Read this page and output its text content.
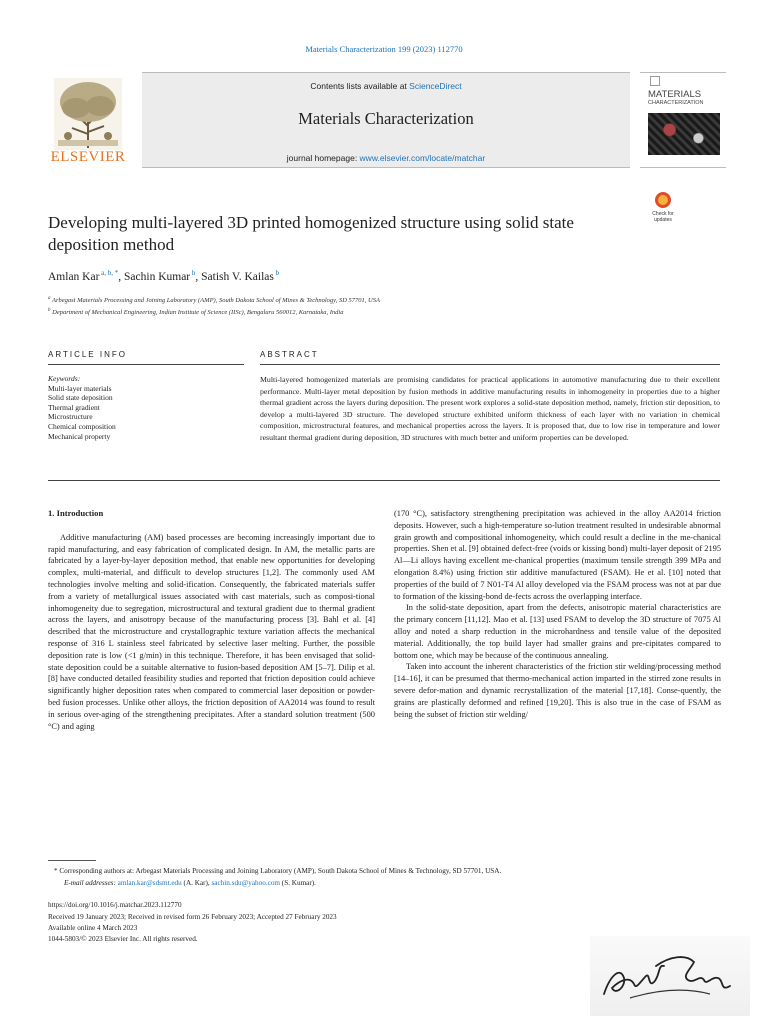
Materials Characterization 199 (2023) 112770
ELSEVIER
Contents lists available at ScienceDirect
Materials Characterization
journal homepage: www.elsevier.com/locate/matchar
MATERIALS
CHARACTERIZATION
Check for updates
Developing multi-layered 3D printed homogenized structure using solid state deposition method
Amlan Kar $^{a, b, *}$, Sachin Kumar $^b$, Satish V. Kailas $^b$
$^a$ Arbegast Materials Processing and Joining Laboratory (AMP), South Dakota School of Mines & Technology, SD 57701, USA
$^b$ Department of Mechanical Engineering, Indian Institute of Science (IISc), Bengaluru 560012, Karnataka, India
ARTICLE INFO	ABSTRACT
Keywords:
Multi-layer materials
Solid state deposition
Thermal gradient
Microstructure
Chemical composition
Mechanical property
Multi-layered homogenized materials are promising candidates for practical applications in automotive manufacturing due to their excellent performance. Multi-layer metal deposition by fusion methods in additive manufacturing results in inhomogeneity in properties due to a higher thermal gradient across the layers during deposition. The present work explores a solid-state deposition method, namely, friction stir deposition, to develop a multi-layered 3D structure. The developed structure exhibited uniform thickness of each layer with no variation in chemical composition, microstructural features, and mechanical properties across the layers. It is proposed that, due to low rise in temperature and lower resultant thermal gradient during deposition, 3D structures with much better and uniform properties can be developed.

1. Introduction

Additive manufacturing (AM) based processes are becoming increasingly important due to rapid manufacturing, and easy fabrication of complicated design. In AM, the metallic parts are fabricated by a layer-by-layer deposition method, that enable new opportunities for developing complex, multi-material, and difficult to develop structures [1,2]. The commonly used AM technologies involve melting and solid-ification. Consequently, the fabricated materials suffer from a variety of metallurgical issues associated with cast materials, such as composi-tional inhomogeneity due to segregation, microstructural and textural gradient due to thermal gradient across the layers, and anisotropy because of the manufacturing process [3]. Bahl et al. [4] described that the microstructure and crystallographic texture variation affects the mechanical response of 316 L stainless steel fabricated by selective laser melting. Further, the possible deposition rate is low (<1 g/min) in this technique. Therefore, it has been envisaged that solid-state deposition could be a suitable alternative to fusion-based deposition AM [5–7]. Dilip et al. [8] have conducted detailed feasibility studies and reported that friction deposition could achieve significantly higher deposition rates when compared to commercial laser deposition or powder-bed fusion processes. Unlike other alloys, the friction deposition of AA2014 was found to result in serious over-aging of the strengthening precipitates. After a standard solution treatment (500 °C) and aging

(170 °C), satisfactory strengthening precipitation was achieved in the alloy AA2014 friction deposits. However, such a high-temperature so-lution treatment resulted in undesirable abnormal grain growth and compositional inhomogeneity, which could result a decline in the me-chanical properties. Shen et al. [9] obtained defect-free (voids or kissing bond) multi-layer deposit of 2195 Al—Li alloys having excellent me-chanical properties (maximum tensile strength 399 MPa and elongation 8.4%) using friction stir additive manufactured (FSAM). He et al. [10] noted that properties of the build of 7 N01-T4 Al alloy developed via the FSAM process was not at par due to formation of the kissing-bond de-fects across the overlapping interface.

In the solid-state deposition, apart from the defects, anisotropic material characteristics are the primary concern [11,12]. Mao et al. [13] used FSAM to develop the 3D structure of 7075 Al alloy and noted a sharp reduction in the microhardness and tensile value of the deposited material. Additionally, the top build layer had smaller grains and pre-cipitates compared to bottom one, which may be because of the continuous annealing.

Taken into account the inherent characteristics of the friction stir welding/processing method [14–16], it can be presumed that thermo-mechanical action imparted in the stirred zone results in severe defor-mation and dynamic recrystallization of the material [17,18]. Conse-quently, the grains are plastically deformed and refined [19,20]. This is also true in the case of FSAM as being the subset of friction stir welding/

* Corresponding authors at: Arbegast Materials Processing and Joining Laboratory (AMP), South Dakota School of Mines & Technology, SD 57701, USA.
E-mail addresses: amlan.kar@sdsmt.edu (A. Kar), sachin.sdu@yahoo.com (S. Kumar).
https://doi.org/10.1016/j.matchar.2023.112770
Received 19 January 2023; Received in revised form 26 February 2023; Accepted 27 February 2023
Available online 4 March 2023
1044-5803/© 2023 Elsevier Inc. All rights reserved.
